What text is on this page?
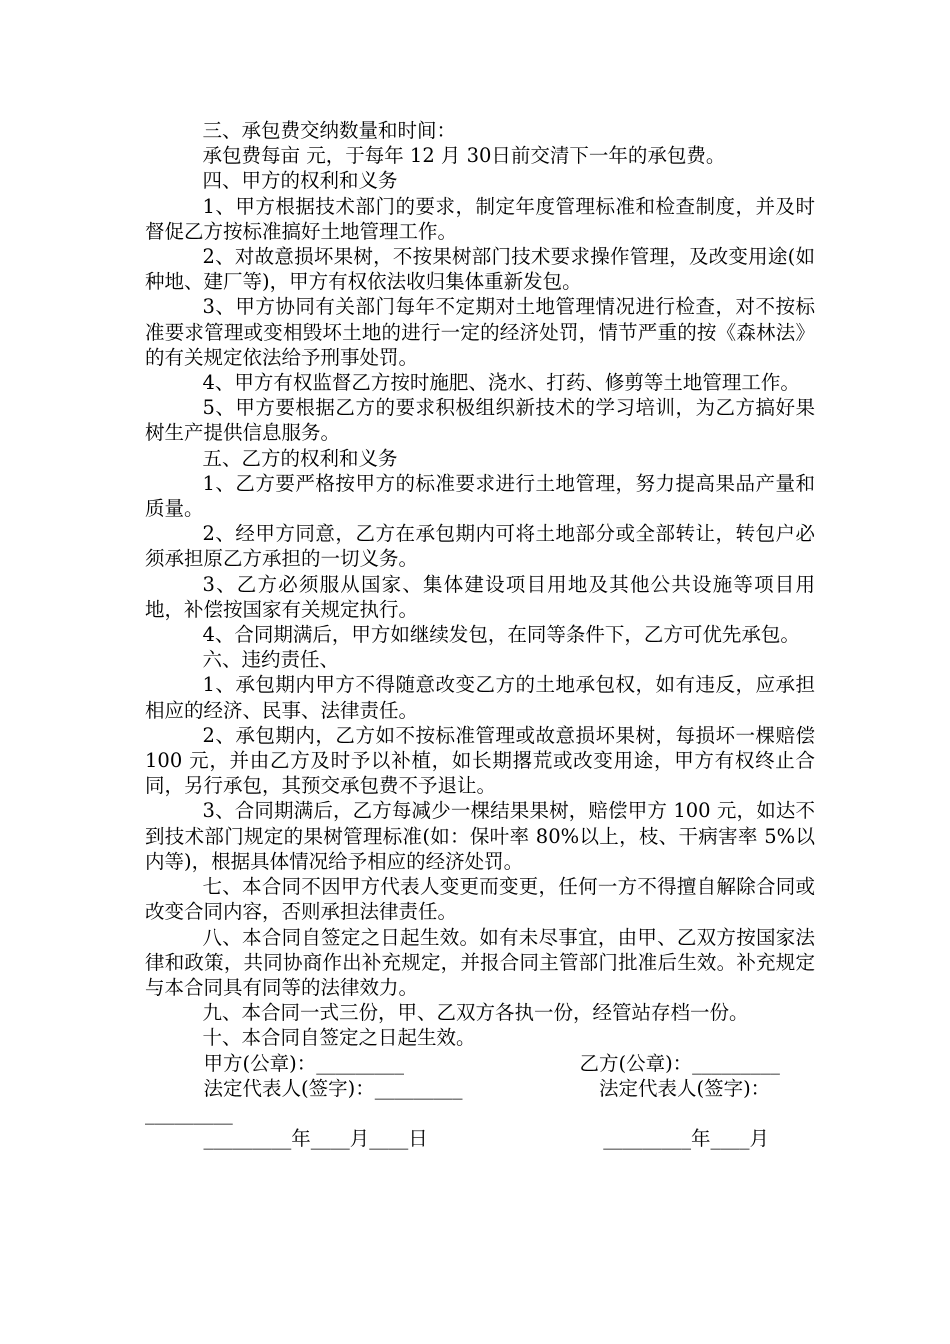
三、承包费交纳数量和时间：

承包费每亩 元，于每年 12 月 30日前交清下一年的承包费。

四、甲方的权利和义务

1、甲方根据技术部门的要求，制定年度管理标准和检查制度，并及时督促乙方按标准搞好土地管理工作。

2、对故意损坏果树，不按果树部门技术要求操作管理，及改变用途(如种地、建厂等)，甲方有权依法收归集体重新发包。

3、甲方协同有关部门每年不定期对土地管理情况进行检查，对不按标准要求管理或变相毁坏土地的进行一定的经济处罚，情节严重的按《森林法》的有关规定依法给予刑事处罚。

4、甲方有权监督乙方按时施肥、浇水、打药、修剪等土地管理工作。

5、甲方要根据乙方的要求积极组织新技术的学习培训，为乙方搞好果树生产提供信息服务。

五、乙方的权利和义务

1、乙方要严格按甲方的标准要求进行土地管理，努力提高果品产量和质量。

2、经甲方同意，乙方在承包期内可将土地部分或全部转让，转包户必须承担原乙方承担的一切义务。

3、乙方必须服从国家、集体建设项目用地及其他公共设施等项目用地，补偿按国家有关规定执行。

4、合同期满后，甲方如继续发包，在同等条件下，乙方可优先承包。

六、违约责任、

1、承包期内甲方不得随意改变乙方的土地承包权，如有违反，应承担相应的经济、民事、法律责任。

2、承包期内，乙方如不按标准管理或故意损坏果树，每损坏一棵赔偿 100 元，并由乙方及时予以补植，如长期撂荒或改变用途，甲方有权终止合同，另行承包，其预交承包费不予退让。

3、合同期满后，乙方每减少一棵结果果树，赔偿甲方 100 元，如达不到技术部门规定的果树管理标准(如：保叶率 80%以上，枝、干病害率 5%以内等)，根据具体情况给予相应的经济处罚。

七、本合同不因甲方代表人变更而变更，任何一方不得擅自解除合同或改变合同内容，否则承担法律责任。

八、本合同自签定之日起生效。如有未尽事宜，由甲、乙双方按国家法律和政策，共同协商作出补充规定，并报合同主管部门批准后生效。补充规定与本合同具有同等的法律效力。

九、本合同一式三份，甲、乙双方各执一份，经管站存档一份。

十、本合同自签定之日起生效。

　　　甲方(公章)：_________　　　　　　　　　乙方(公章)：_________

　　　法定代表人(签字)：_________　　　　　　　法定代表人(签字)：_________

　　　_________年____月____日　　　　　　　　　_________年____月
